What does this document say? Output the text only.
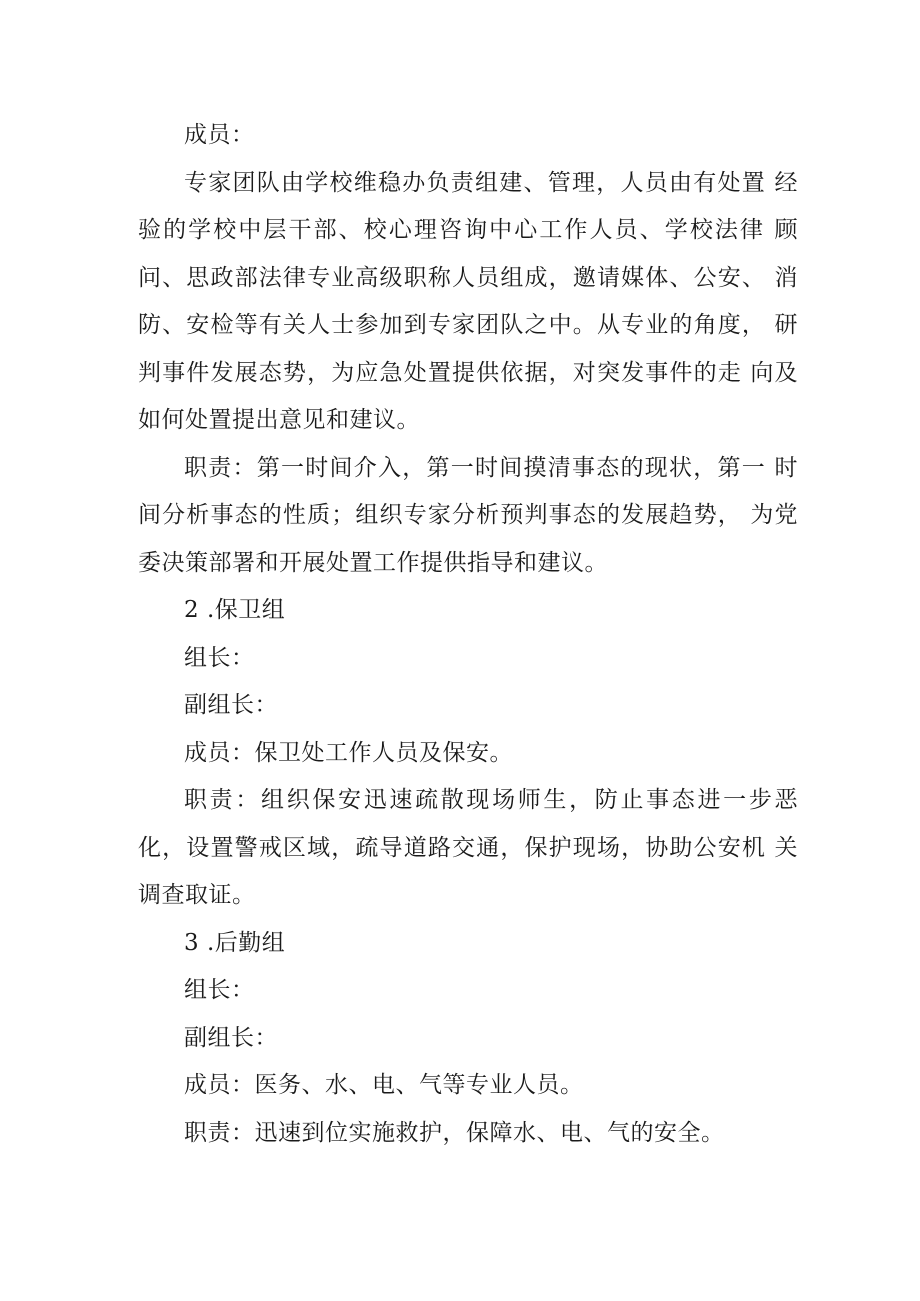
成员：

专家团队由学校维稳办负责组建、管理，人员由有处置 经验的学校中层干部、校心理咨询中心工作人员、学校法律 顾问、思政部法律专业高级职称人员组成，邀请媒体、公安、 消防、安检等有关人士参加到专家团队之中。从专业的角度， 研判事件发展态势，为应急处置提供依据，对突发事件的走 向及如何处置提出意见和建议。

职责：第一时间介入，第一时间摸清事态的现状，第一 时间分析事态的性质；组织专家分析预判事态的发展趋势， 为党委决策部署和开展处置工作提供指导和建议。

2 .保卫组

组长：

副组长：

成员：保卫处工作人员及保安。

职责：组织保安迅速疏散现场师生，防止事态进一步恶　化，设置警戒区域，疏导道路交通，保护现场，协助公安机 关调查取证。

3 .后勤组

组长：

副组长：

成员：医务、水、电、气等专业人员。

职责：迅速到位实施救护，保障水、电、气的安全。
